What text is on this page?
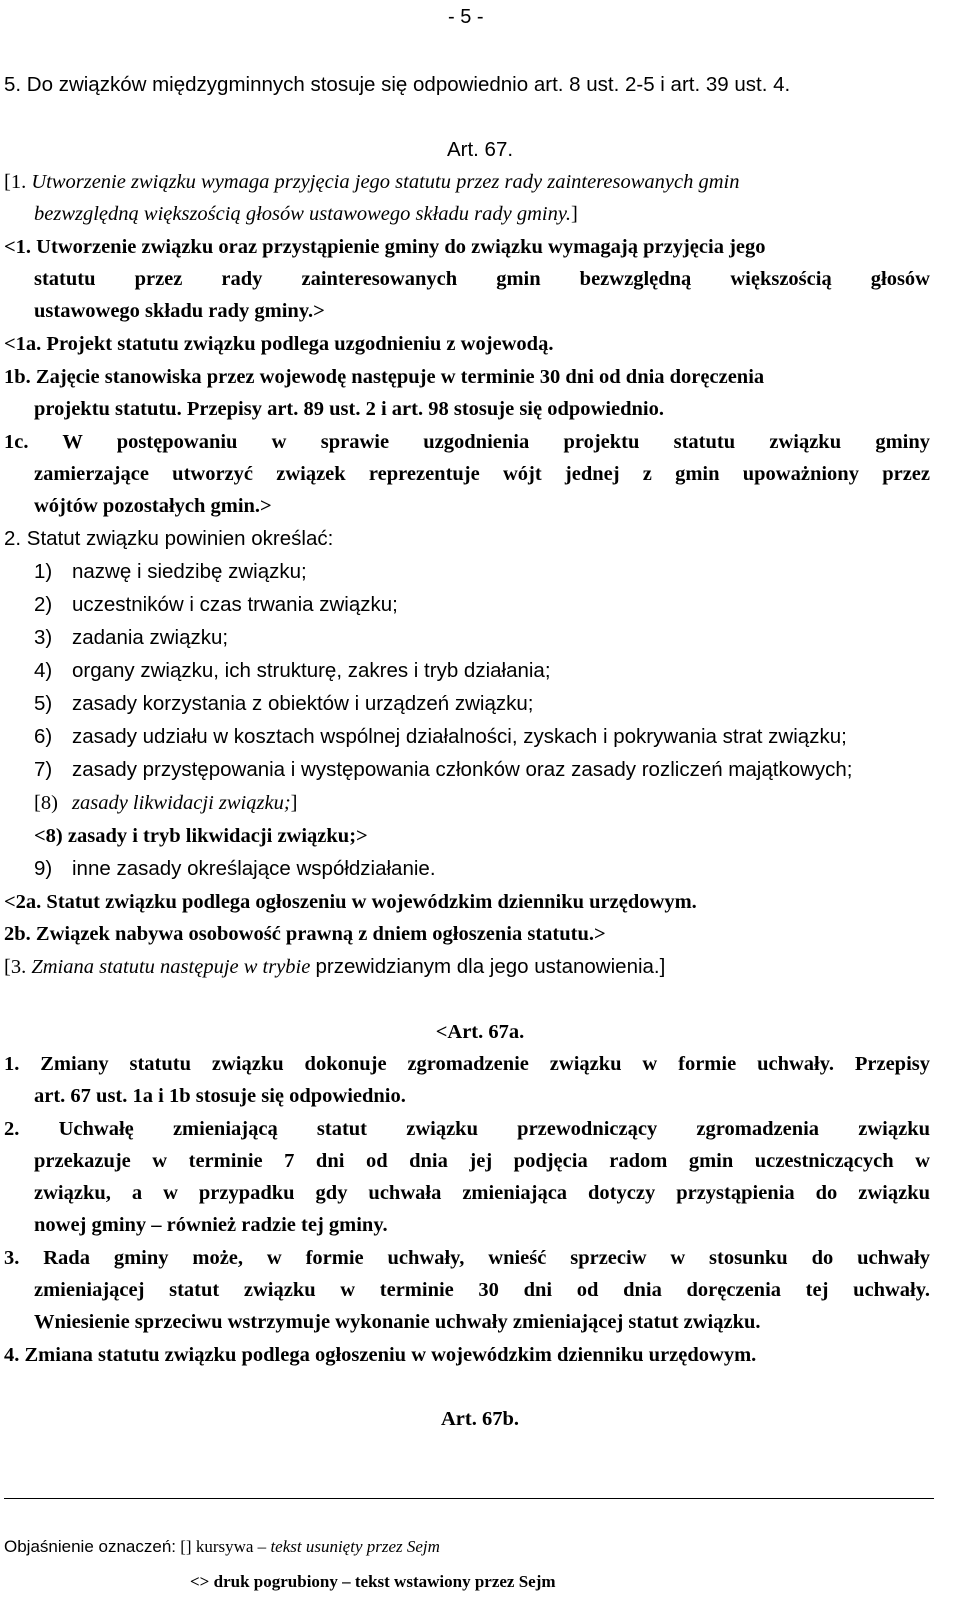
- 5 -
5. Do związków międzygminnych stosuje się odpowiednio art. 8 ust. 2-5 i art. 39 ust. 4.
Art. 67.
[1. Utworzenie związku wymaga przyjęcia jego statutu przez rady zainteresowanych gmin
bezwzględną większością głosów ustawowego składu rady gminy.]
<1. Utworzenie związku oraz przystąpienie gminy do związku wymagają przyjęcia jego
statutu przez rady zainteresowanych gmin bezwzględną większością głosów
ustawowego składu rady gminy.>
<1a. Projekt statutu związku podlega uzgodnieniu z wojewodą.
1b. Zajęcie stanowiska przez wojewodę następuje w terminie 30 dni od dnia doręczenia
projektu statutu. Przepisy art. 89 ust. 2 i art. 98 stosuje się odpowiednio.
1c. W postępowaniu w sprawie uzgodnienia projektu statutu związku gminy
zamierzające utworzyć związek reprezentuje wójt jednej z gmin upoważniony przez
wójtów pozostałych gmin.>
2. Statut związku powinien określać:
1) nazwę i siedzibę związku;
2) uczestników i czas trwania związku;
3) zadania związku;
4) organy związku, ich strukturę, zakres i tryb działania;
5) zasady korzystania z obiektów i urządzeń związku;
6) zasady udziału w kosztach wspólnej działalności, zyskach i pokrywania strat związku;
7) zasady przystępowania i występowania członków oraz zasady rozliczeń majątkowych;
[8) zasady likwidacji związku;]
<8) zasady i tryb likwidacji związku;>
9) inne zasady określające współdziałanie.
<2a. Statut związku podlega ogłoszeniu w wojewódzkim dzienniku urzędowym.
2b. Związek nabywa osobowość prawną z dniem ogłoszenia statutu.>
[3. Zmiana statutu następuje w trybie przewidzianym dla jego ustanowienia.]
<Art. 67a.
1. Zmiany statutu związku dokonuje zgromadzenie związku w formie uchwały. Przepisy
art. 67 ust. 1a i 1b stosuje się odpowiednio.
2. Uchwałę zmieniającą statut związku przewodniczący zgromadzenia związku
przekazuje w terminie 7 dni od dnia jej podjęcia radom gmin uczestniczących w
związku, a w przypadku gdy uchwała zmieniająca dotyczy przystąpienia do związku
nowej gminy – również radzie tej gminy.
3. Rada gminy może, w formie uchwały, wnieść sprzeciw w stosunku do uchwały
zmieniającej statut związku w terminie 30 dni od dnia doręczenia tej uchwały.
Wniesienie sprzeciwu wstrzymuje wykonanie uchwały zmieniającej statut związku.
4. Zmiana statutu związku podlega ogłoszeniu w wojewódzkim dzienniku urzędowym.
Art. 67b.
Objaśnienie oznaczeń: [] kursywa – tekst usunięty przez Sejm
<> druk pogrubiony – tekst wstawiony przez Sejm
